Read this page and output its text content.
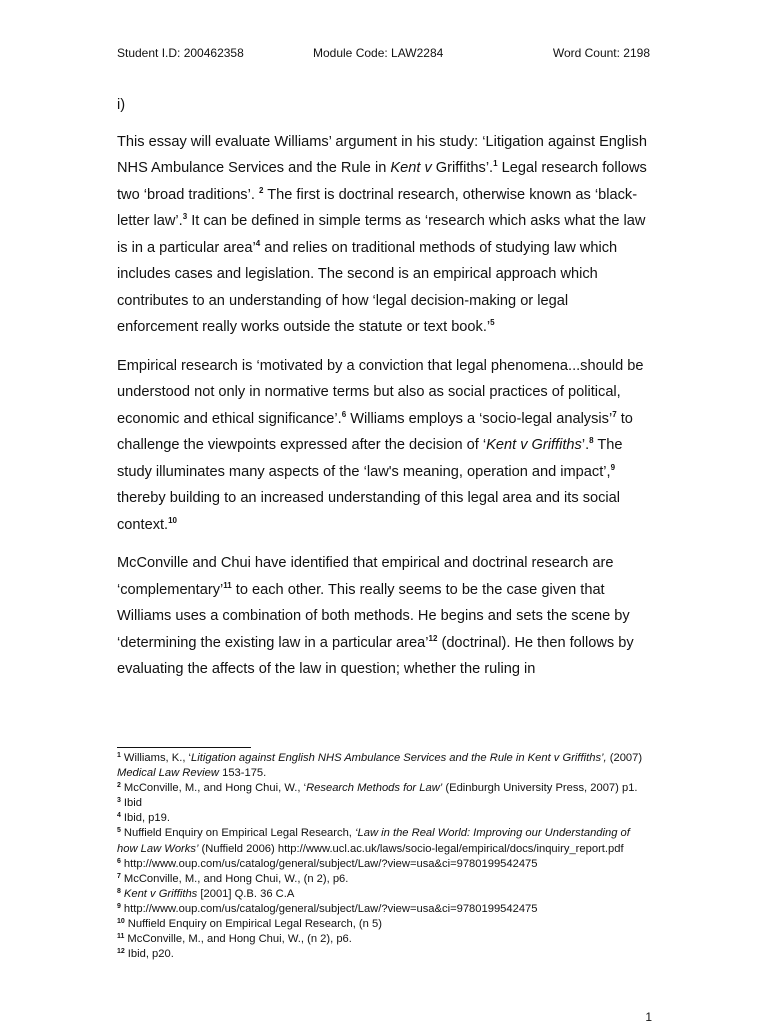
Student I.D: 200462358	Module Code: LAW2284	Word Count: 2198

i)

This essay will evaluate Williams’ argument in his study: ‘Litigation against English NHS Ambulance Services and the Rule in Kent v Griffiths’.$^1$ Legal research follows two ‘broad traditions’. $^2$ The first is doctrinal research, otherwise known as ‘black-letter law’.$^3$ It can be defined in simple terms as ‘research which asks what the law is in a particular area’$^4$ and relies on traditional methods of studying law which includes cases and legislation. The second is an empirical approach which contributes to an understanding of how ‘legal decision-making or legal enforcement really works outside the statute or text book.’$^5$

Empirical research is ‘motivated by a conviction that legal phenomena...should be understood not only in normative terms but also as social practices of political, economic and ethical significance’.$^6$ Williams employs a ‘socio-legal analysis’$^7$ to challenge the viewpoints expressed after the decision of ‘Kent v Griffiths’.$^8$ The study illuminates many aspects of the ‘law's meaning, operation and impact’,$^9$ thereby building to an increased understanding of this legal area and its social context.$^{10}$

McConville and Chui have identified that empirical and doctrinal research are ‘complementary’$^{11}$ to each other. This really seems to be the case given that Williams uses a combination of both methods. He begins and sets the scene by ‘determining the existing law in a particular area’$^{12}$ (doctrinal). He then follows by evaluating the affects of the law in question; whether the ruling in

$^1$ Williams, K., ‘Litigation against English NHS Ambulance Services and the Rule in Kent v Griffiths’, (2007) Medical Law Review 153-175.
$^2$ McConville, M., and Hong Chui, W., ‘Research Methods for Law’ (Edinburgh University Press, 2007) p1.
$^3$ Ibid
$^4$ Ibid, p19.
$^5$ Nuffield Enquiry on Empirical Legal Research, ‘Law in the Real World: Improving our Understanding of how Law Works’ (Nuffield 2006) http://www.ucl.ac.uk/laws/socio-legal/empirical/docs/inquiry_report.pdf
$^6$ http://www.oup.com/us/catalog/general/subject/Law/?view=usa&ci=9780199542475
$^7$ McConville, M., and Hong Chui, W., (n 2), p6.
$^8$ Kent v Griffiths [2001] Q.B. 36 C.A
$^9$ http://www.oup.com/us/catalog/general/subject/Law/?view=usa&ci=9780199542475
$^{10}$ Nuffield Enquiry on Empirical Legal Research, (n 5)
$^{11}$ McConville, M., and Hong Chui, W., (n 2), p6.
$^{12}$ Ibid, p20.
1
